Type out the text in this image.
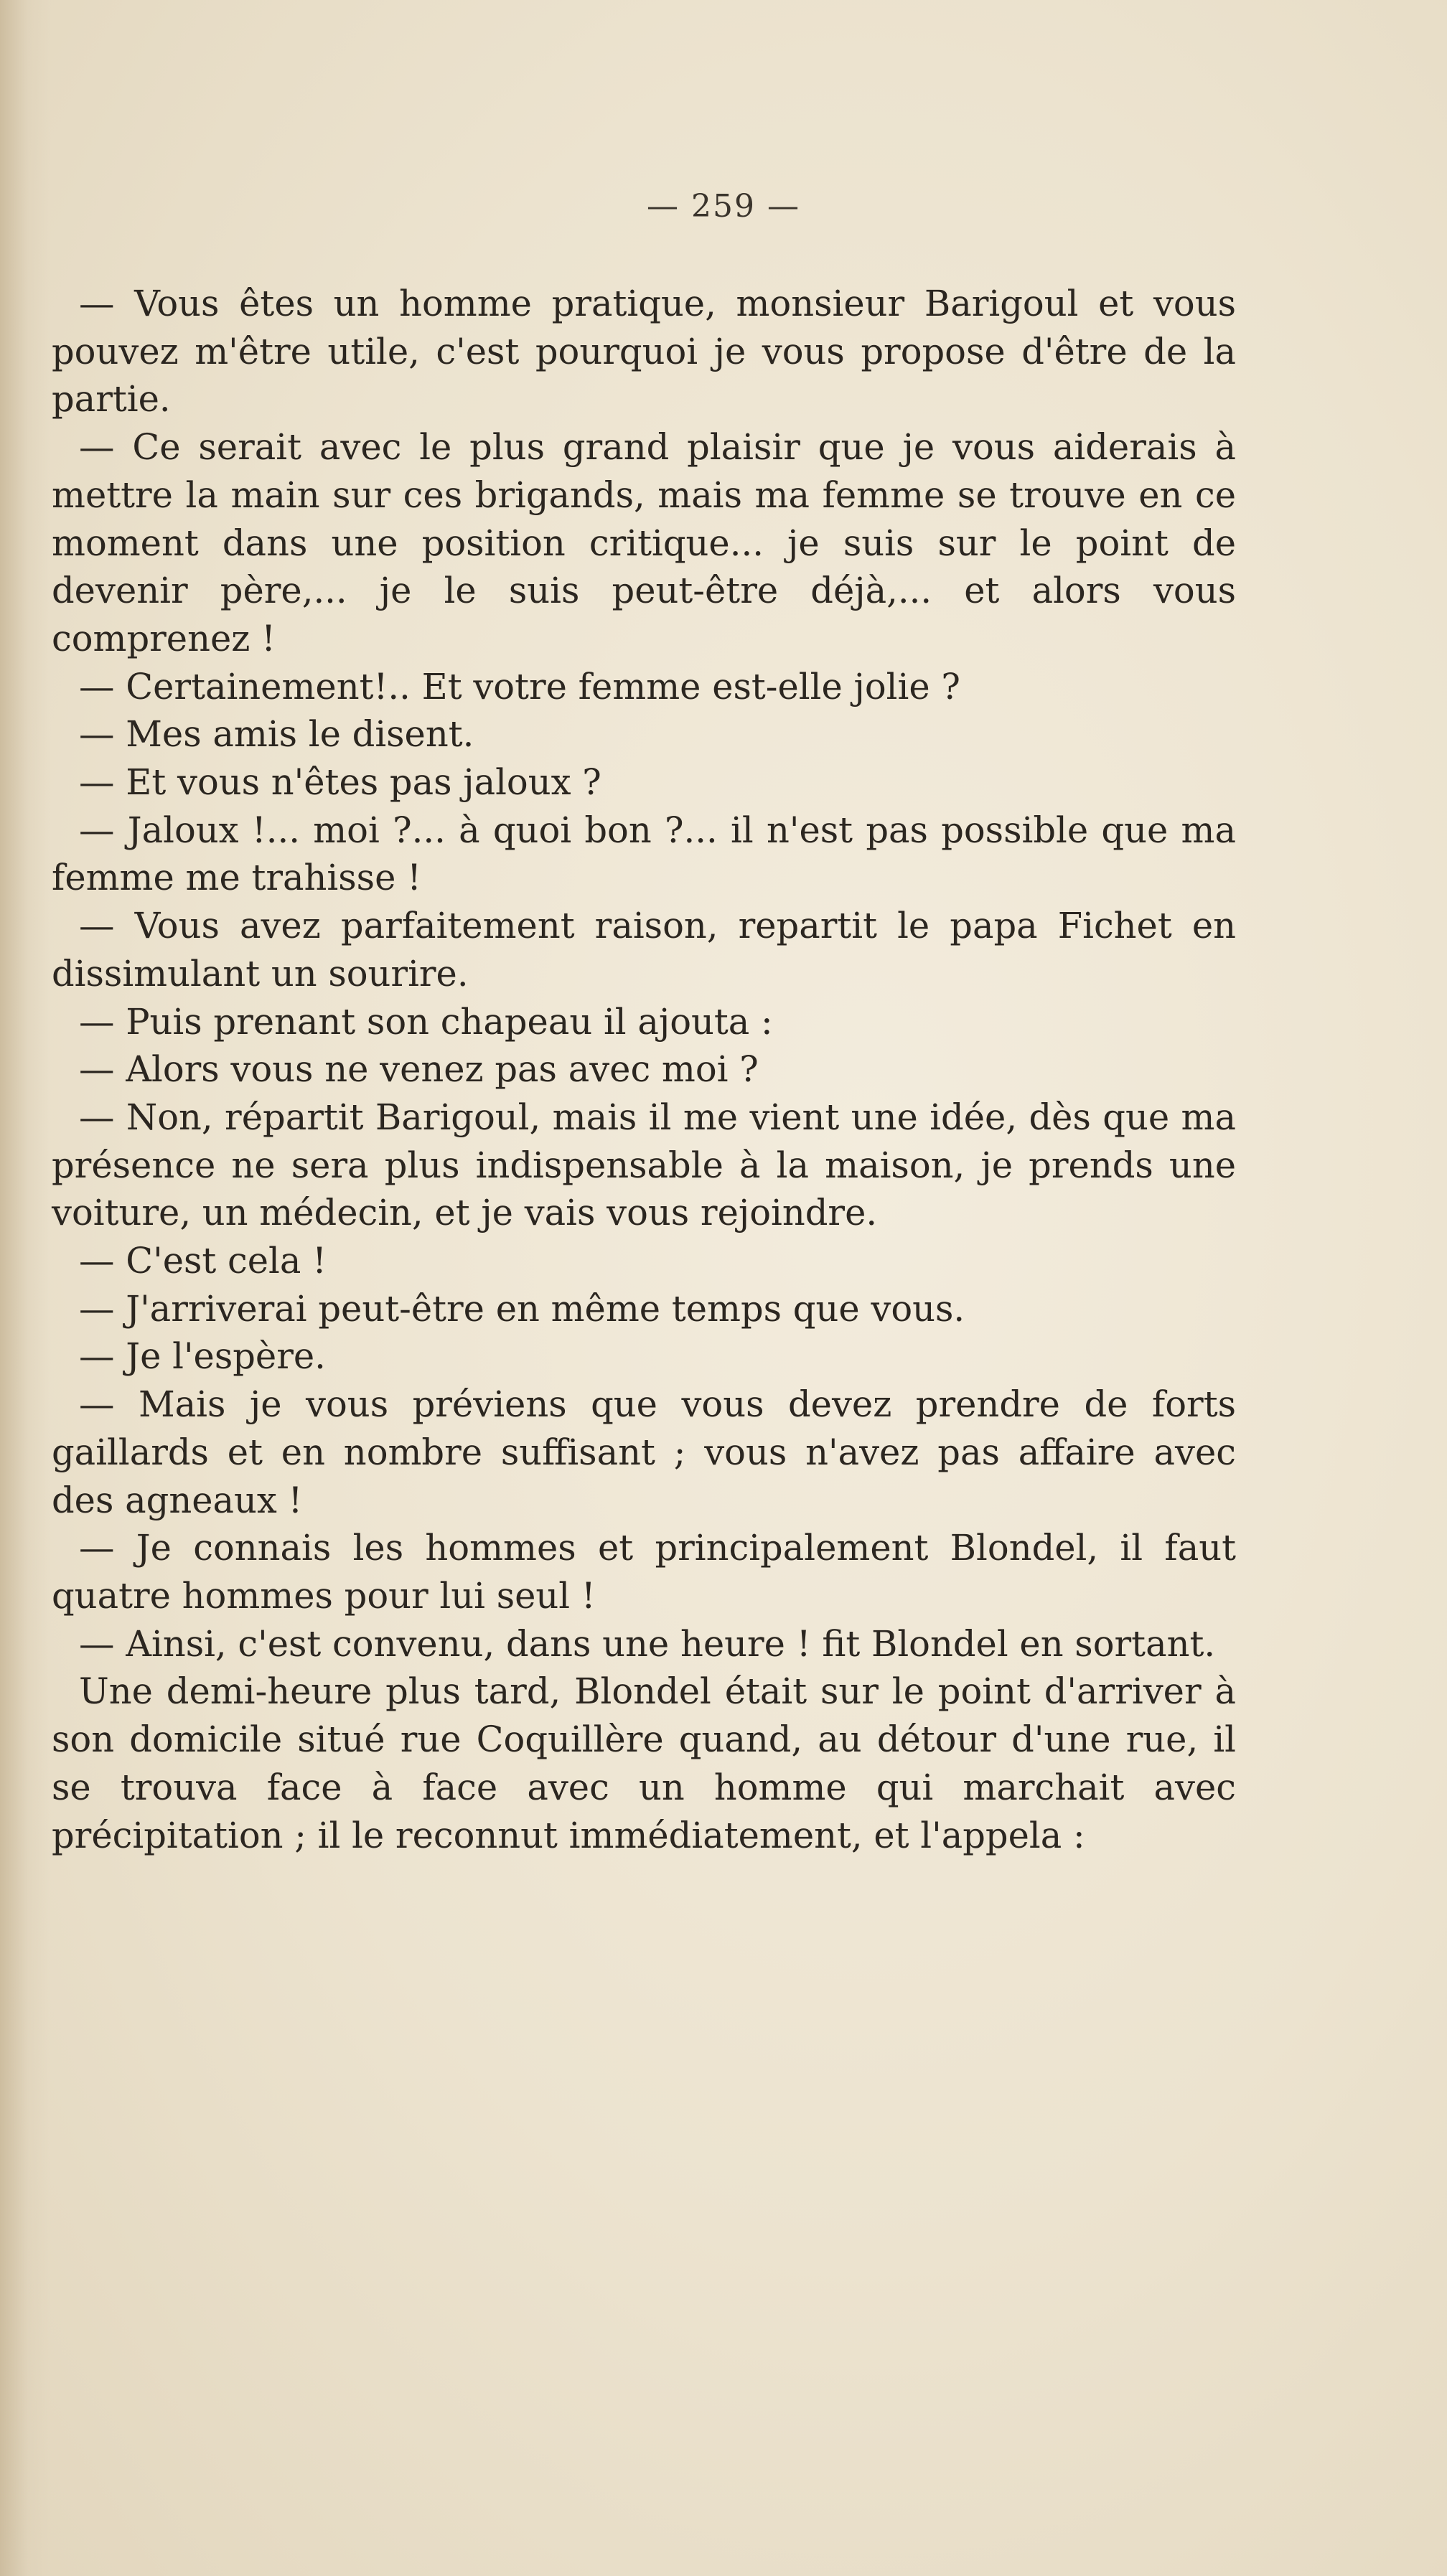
— 259 —

— Vous êtes un homme pratique, monsieur Barigoul et vous pouvez m'être utile, c'est pourquoi je vous propose d'être de la partie.

— Ce serait avec le plus grand plaisir que je vous aiderais à mettre la main sur ces brigands, mais ma femme se trouve en ce moment dans une position critique... je suis sur le point de devenir père,... je le suis peut-être déjà,... et alors vous comprenez !

— Certainement!.. Et votre femme est-elle jolie ?

— Mes amis le disent.

— Et vous n'êtes pas jaloux ?

— Jaloux !... moi ?... à quoi bon ?... il n'est pas possible que ma femme me trahisse !

— Vous avez parfaitement raison, repartit le papa Fichet en dissimulant un sourire.

— Puis prenant son chapeau il ajouta :

— Alors vous ne venez pas avec moi ?

— Non, répartit Barigoul, mais il me vient une idée, dès que ma présence ne sera plus indispensable à la maison, je prends une voiture, un médecin, et je vais vous rejoindre.

— C'est cela !

— J'arriverai peut-être en même temps que vous.

— Je l'espère.

— Mais je vous préviens que vous devez prendre de forts gaillards et en nombre suffisant ; vous n'avez pas affaire avec des agneaux !

— Je connais les hommes et principalement Blondel, il faut quatre hommes pour lui seul !

— Ainsi, c'est convenu, dans une heure ! fit Blondel en sortant.

Une demi-heure plus tard, Blondel était sur le point d'arriver à son domicile situé rue Coquillère quand, au détour d'une rue, il se trouva face à face avec un homme qui marchait avec précipitation ; il le reconnut immédiatement, et l'appela :
